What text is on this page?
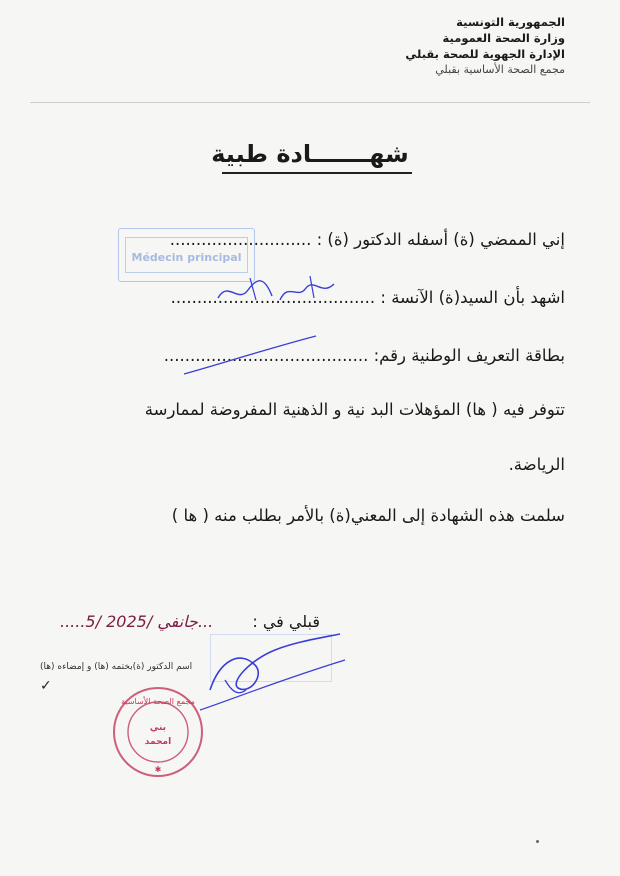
الجمهورية التونسية
وزارة الصحة العمومية
الإدارة الجهوية للصحة بقبلي
مجمع الصحة الأساسية بقبلي
شهـــــــادة طبية
Médecin principal
إني الممضي (ة) أسفله الدكتور (ة) : ...........................
اشهد بأن السيد(ة) الآنسة : .......................................
بطاقة التعريف الوطنية رقم: .......................................
تتوفر فيه ( ها) المؤهلات البد نية و الذهنية المفروضة لممارسة
الرياضة.
سلمت هذه الشهادة إلى المعني(ة) بالأمر بطلب منه ( ها )
قبلي في :
.....5/ جانفي /2025...
اسم الدكتور (ة)بختمه (ها) و إمضاءه (ها)
✓
مجمع الصحة الأساسية
بني
امحمد
✱
